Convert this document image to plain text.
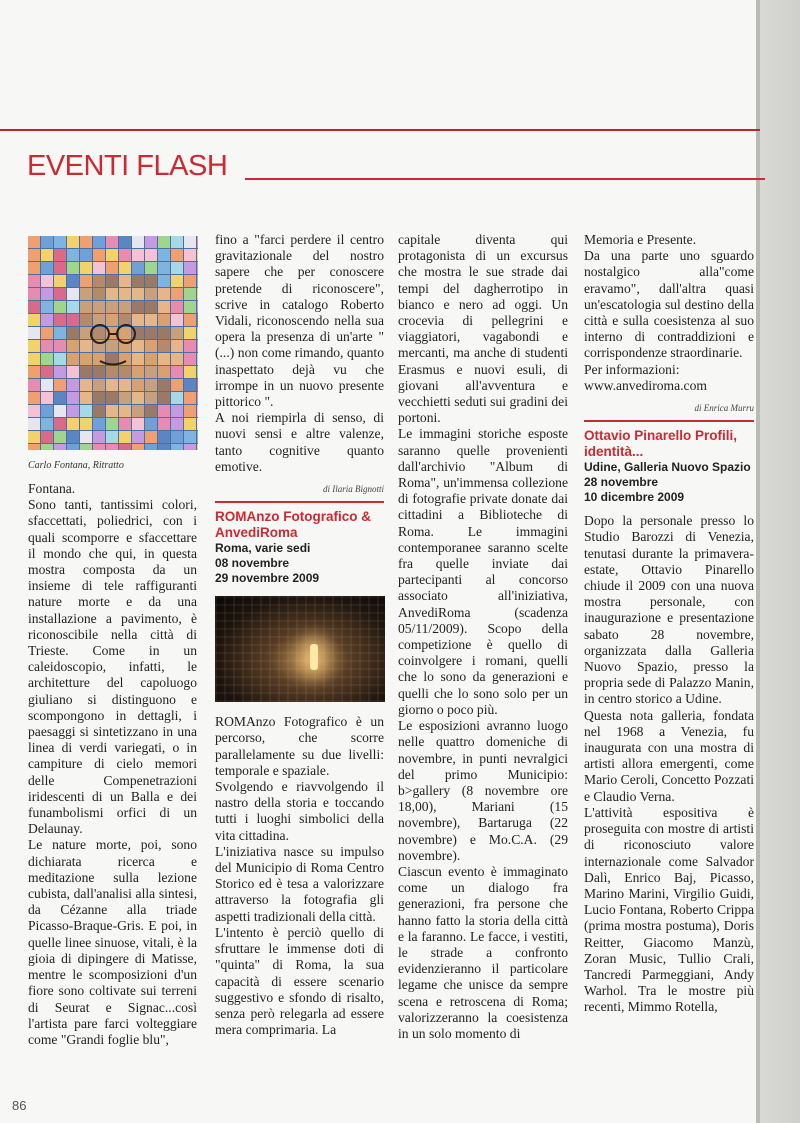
EVENTI FLASH
Carlo Fontana, Ritratto

Fontana.

Sono tanti, tantissimi colori, sfaccettati, poliedrici, con i quali scomporre e sfaccettare il mondo che qui, in questa mostra composta da un insieme di tele raffiguranti nature morte e da una installazione a pavimento, è riconoscibile nella città di Trieste. Come in un caleidoscopio, infatti, le architetture del capoluogo giuliano si distinguono e scompongono in dettagli, i paesaggi si sintetizzano in una linea di verdi variegati, o in campiture di cielo memori delle Compenetrazioni iridescenti di un Balla e dei funambolismi orfici di un Delaunay.

Le nature morte, poi, sono dichiarata ricerca e meditazione sulla lezione cubista, dall'analisi alla sintesi, da Cézanne alla triade Picasso-Braque-Gris. E poi, in quelle linee sinuose, vitali, è la gioia di dipingere di Matisse, mentre le scomposizioni d'un fiore sono coltivate sui terreni di Seurat e Signac...così l'artista pare farci volteggiare come "Grandi foglie blu",

fino a "farci perdere il centro gravitazionale del nostro sapere che per conoscere pretende di riconoscere", scrive in catalogo Roberto Vidali, riconoscendo nella sua opera la presenza di un'arte "(...) non come rimando, quanto inaspettato dejà vu che irrompe in un nuovo presente pittorico ".

A noi riempirla di senso, di nuovi sensi e altre valenze, tanto cognitive quanto emotive.

di Ilaria Bignotti
ROMAnzo Fotografico & AnvediRoma
Roma, varie sedi
08 novembre
29 novembre 2009

ROMAnzo Fotografico è un percorso, che scorre parallelamente su due livelli: temporale e spaziale.

Svolgendo e riavvolgendo il nastro della storia e toccando tutti i luoghi simbolici della vita cittadina.

L'iniziativa nasce su impulso del Municipio di Roma Centro Storico ed è tesa a valorizzare attraverso la fotografia gli aspetti tradizionali della città.

L'intento è perciò quello di sfruttare le immense doti di "quinta" di Roma, la sua capacità di essere scenario suggestivo e sfondo di risalto, senza però relegarla ad essere mera comprimaria. La

capitale diventa qui protagonista di un excursus che mostra le sue strade dai tempi del dagherrotipo in bianco e nero ad oggi. Un crocevia di pellegrini e viaggiatori, vagabondi e mercanti, ma anche di studenti Erasmus e nuovi esuli, di giovani all'avventura e vecchietti seduti sui gradini dei portoni.

Le immagini storiche esposte saranno quelle provenienti dall'archivio "Album di Roma", un'immensa collezione di fotografie private donate dai cittadini a Biblioteche di Roma. Le immagini contemporanee saranno scelte fra quelle inviate dai partecipanti al concorso associato all'iniziativa, AnvediRoma (scadenza 05/11/2009). Scopo della competizione è quello di coinvolgere i romani, quelli che lo sono da generazioni e quelli che lo sono solo per un giorno o poco più.

Le esposizioni avranno luogo nelle quattro domeniche di novembre, in punti nevralgici del primo Municipio: b>gallery (8 novembre ore 18,00), Mariani (15 novembre), Bartaruga (22 novembre) e Mo.C.A. (29 novembre).

Ciascun evento è immaginato come un dialogo fra generazioni, fra persone che hanno fatto la storia della città e la faranno. Le facce, i vestiti, le strade a confronto evidenzieranno il particolare legame che unisce da sempre scena e retroscena di Roma; valorizzeranno la coesistenza in un solo momento di

Memoria e Presente.

Da una parte uno sguardo nostalgico alla"come eravamo", dall'altra quasi un'escatologia sul destino della città e sulla coesistenza al suo interno di contraddizioni e corrispondenze straordinarie.

Per informazioni:

www.anvediroma.com

di Enrica Murru
Ottavio Pinarello Profili, identità...
Udine, Galleria Nuovo Spazio
28 novembre
10 dicembre 2009

Dopo la personale presso lo Studio Barozzi di Venezia, tenutasi durante la primavera-estate, Ottavio Pinarello chiude il 2009 con una nuova mostra personale, con inaugurazione e presentazione sabato 28 novembre, organizzata dalla Galleria Nuovo Spazio, presso la propria sede di Palazzo Manin, in centro storico a Udine.

Questa nota galleria, fondata nel 1968 a Venezia, fu inaugurata con una mostra di artisti allora emergenti, come Mario Ceroli, Concetto Pozzati e Claudio Verna.

L'attività espositiva è proseguita con mostre di artisti di riconosciuto valore internazionale come Salvador Dalì, Enrico Baj, Picasso, Marino Marini, Virgilio Guidi, Lucio Fontana, Roberto Crippa (prima mostra postuma), Doris Reitter, Giacomo Manzù, Zoran Music, Tullio Crali, Tancredi Parmeggiani, Andy Warhol. Tra le mostre più recenti, Mimmo Rotella,

86
